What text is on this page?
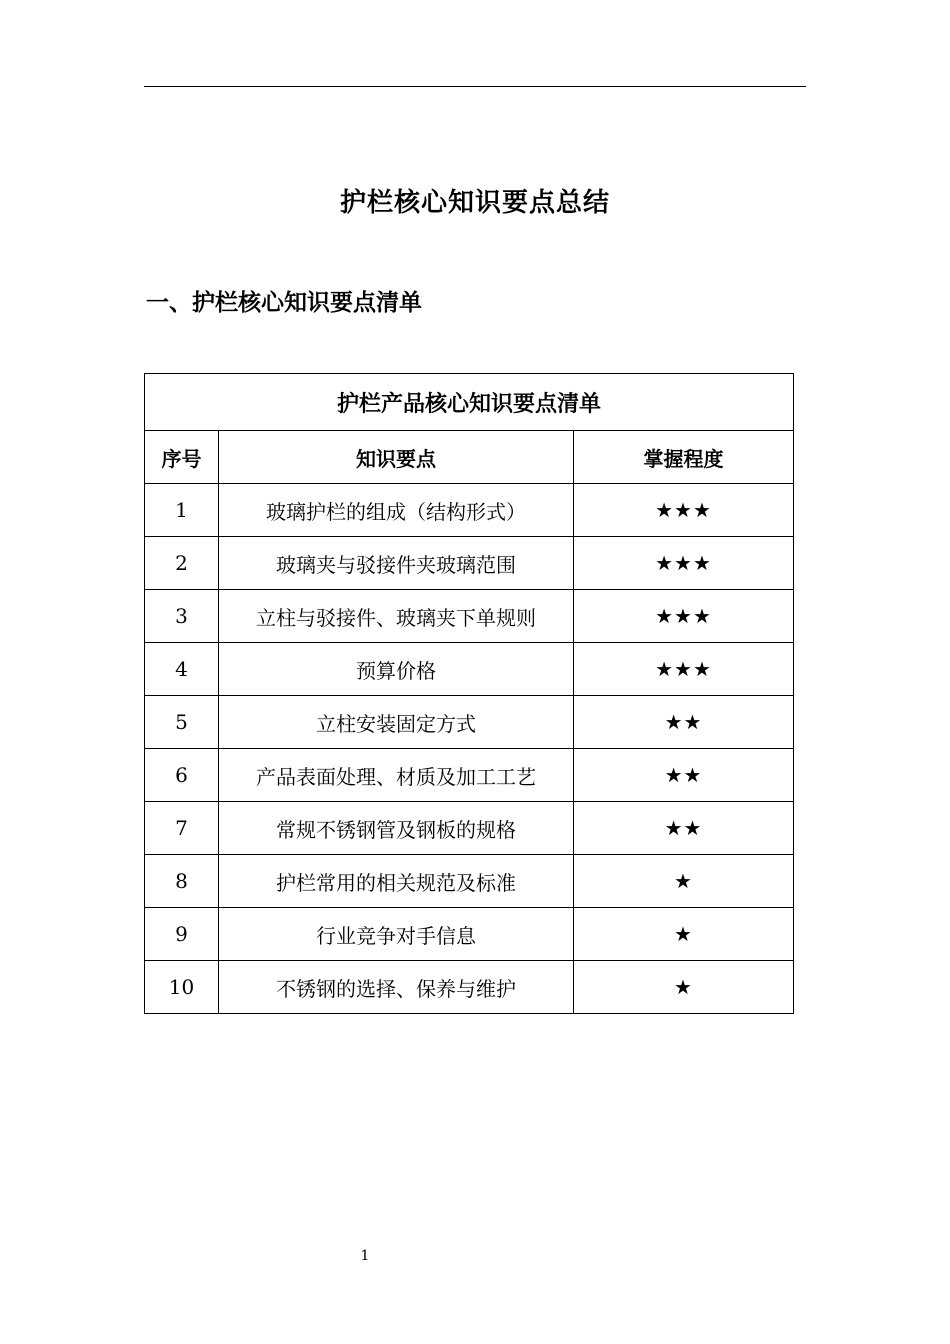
护栏核心知识要点总结
一、护栏核心知识要点清单
护栏产品核心知识要点清单		
序号	知识要点	掌握程度
1	玻璃护栏的组成（结构形式）	★★★
2	玻璃夹与驳接件夹玻璃范围	★★★
3	立柱与驳接件、玻璃夹下单规则	★★★
4	预算价格	★★★
5	立柱安装固定方式	★★
6	产品表面处理、材质及加工工艺	★★
7	常规不锈钢管及钢板的规格	★★
8	护栏常用的相关规范及标准	★
9	行业竞争对手信息	★
10	不锈钢的选择、保养与维护	★
1
